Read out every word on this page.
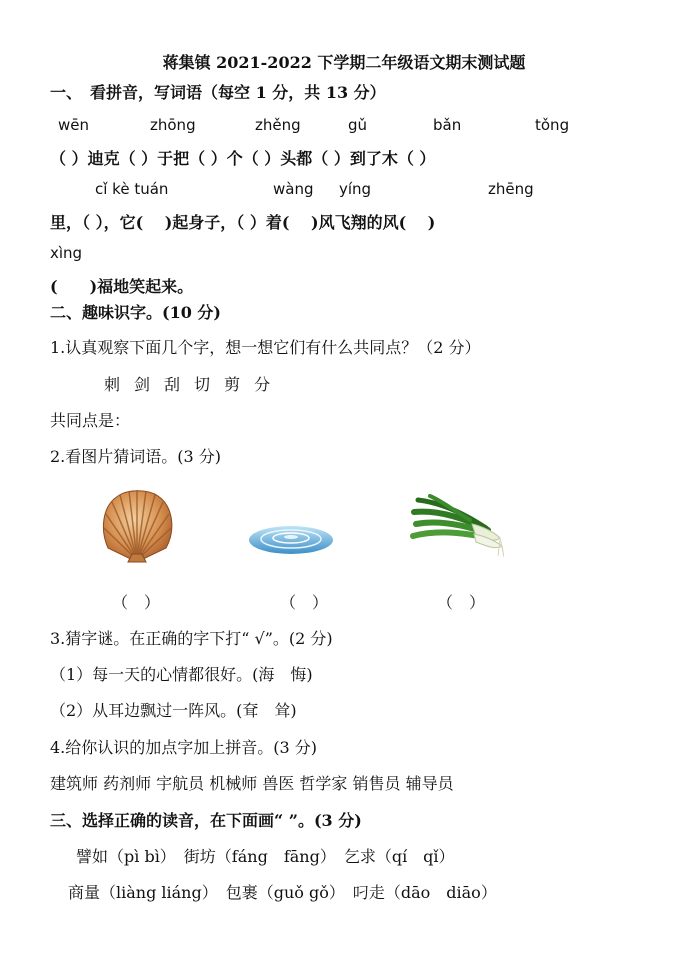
蒋集镇 2021-2022 下学期二年级语文期末测试题
一、　看拼音，写词语（每空 1 分，共 13 分）
wēn	zhōng	zhěng	gǔ	bǎn	tǒng
（ ）迪克（ ）于把（ ）个（ ）头都（ ）到了木（ ）
cǐ kè tuán	wàng yíng	zhēng
里，（ ），它(　 )起身子，（ ）着(　 )风飞翔的风(　 )
xìng
(　　)福地笑起来。
二、趣味识字。(10 分)
1.认真观察下面几个字，想一想它们有什么共同点？（2 分）
刺 剑 刮 切 剪 分
共同点是：
2.看图片猜词语。(3 分)
（　）	（　）	（　）
3.猜字谜。在正确的字下打“ √”。(2 分)
（1）每一天的心情都很好。(海　悔)
（2）从耳边飘过一阵风。(耷　耸)
4.给你认识的加点字加上拼音。(3 分)
建筑师 药剂师 宇航员 机械师 兽医 哲学家 销售员 辅导员
三、选择正确的读音，在下面画“ ”。(3 分)
譬如（pì bì）　街坊（fáng　fāng）　乞求（qí　qǐ）
商量（liàng liáng）　包裹（guǒ gǒ）　叼走（dāo　diāo）
